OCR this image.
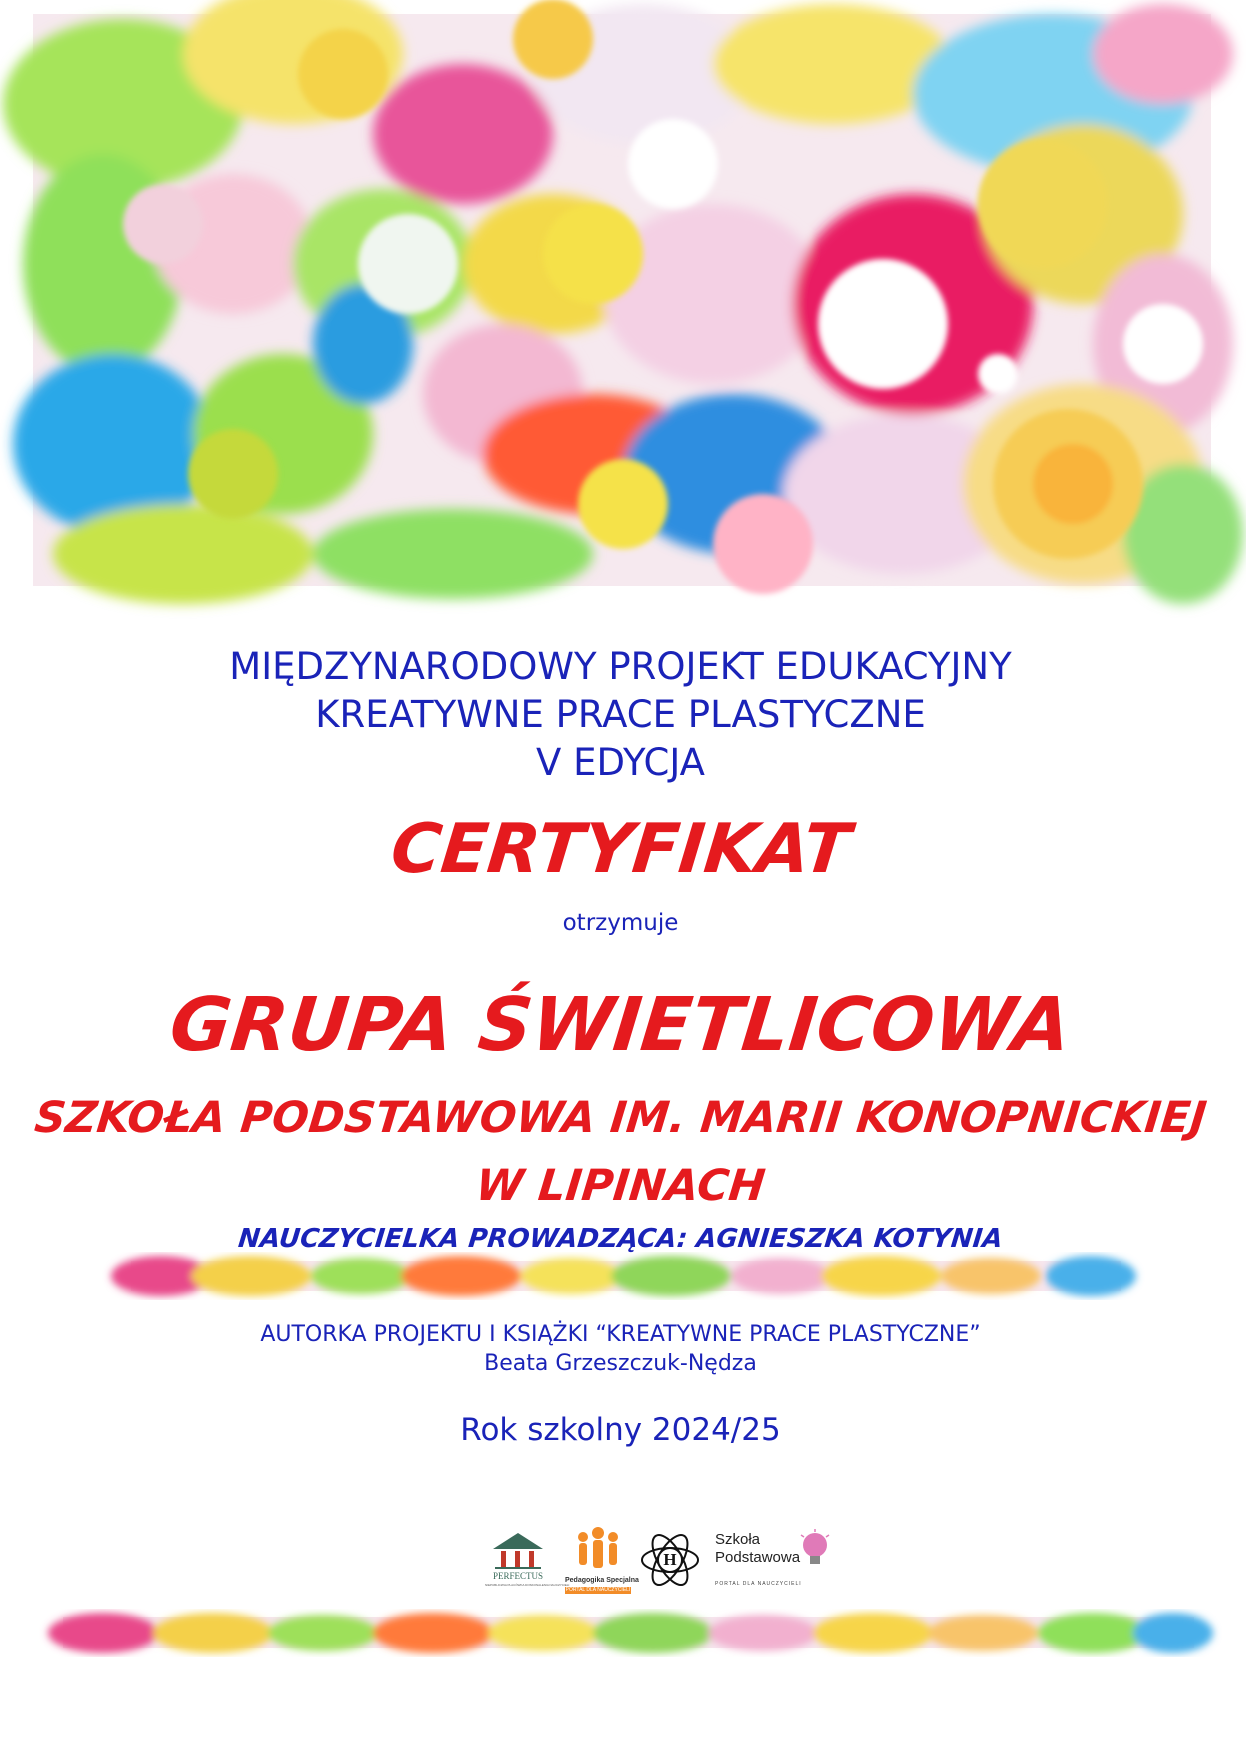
MIĘDZYNARODOWY PROJEKT EDUKACYJNY
KREATYWNE PRACE PLASTYCZNE
V EDYCJA
CERTYFIKAT
otrzymuje
GRUPA ŚWIETLICOWA
SZKOŁA PODSTAWOWA IM. MARII KONOPNICKIEJ
W LIPINACH
NAUCZYCIELKA PROWADZĄCA: AGNIESZKA KOTYNIA
AUTORKA PROJEKTU I KSIĄŻKI “KREATYWNE PRACE PLASTYCZNE”
Beata Grzeszczuk-Nędza
Rok szkolny 2024/25
PERFECTUS
NIEPUBLICZNA PLACÓWKA DOSKONALENIA NAUCZYCIELI
Pedagogika Specjalna
PORTAL DLA NAUCZYCIELI
H
Szkoła
Podstawowa
PORTAL DLA NAUCZYCIELI
